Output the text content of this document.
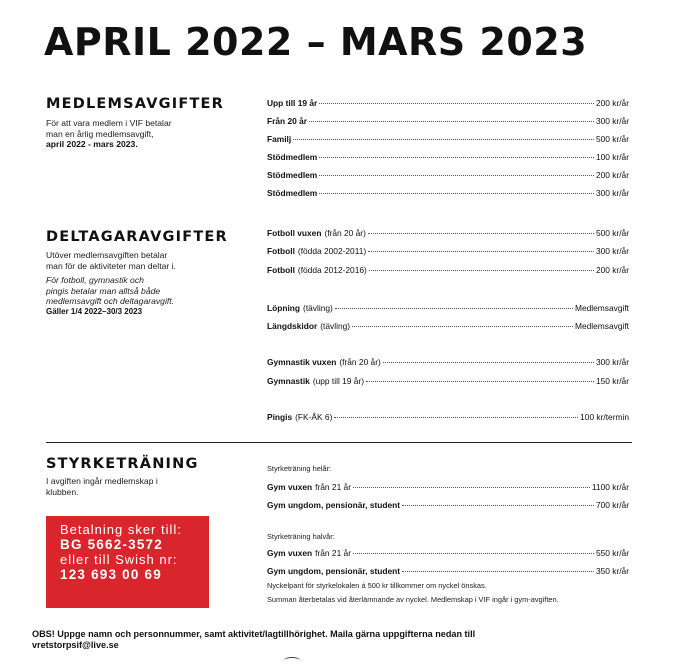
APRIL 2022 – MARS 2023
MEDLEMSAVGIFTER
För att vara medlem i VIF betalar
man en årlig medlemsavgift,
april 2022 - mars 2023.
Upp till 19 år	200 kr/år
Från 20 år	300 kr/år
Familj	500 kr/år
Stödmedlem	100 kr/år
Stödmedlem	200 kr/år
Stödmedlem	300 kr/år
DELTAGARAVGIFTER
Utöver medlemsavgiften betalar
man för de aktiviteter man deltar i.
För fotboll, gymnastik och
pingis betalar man alltså både
medlemsavgift och deltagaravgift.
Gäller 1/4 2022–30/3 2023
Fotboll vuxen (från 20 år)	500 kr/år
Fotboll (födda 2002-2011)	300 kr/år
Fotboll (födda 2012-2016)	200 kr/år
Löpning (tävling)	Medlemsavgift
Längdskidor (tävling)	Medlemsavgift
Gymnastik vuxen (från 20 år)	300 kr/år
Gymnastik (upp till 19 år)	150 kr/år
Pingis (FK-ÅK 6)	100 kr/termin
STYRKETRÄNING
I avgiften ingår medlemskap i
klubben.
Styrketräning helår:
Gym vuxen från 21 år	1100 kr/år
Gym ungdom, pensionär, student	700 kr/år
Styrketräning halvår:
Gym vuxen från 21 år	550 kr/år
Gym ungdom, pensionär, student	350 kr/år
Nyckelpant för styrkelokalen á 500 kr tillkommer om nyckel önskas.
Summan återbetalas vid återlämnande av nyckel. Medlemskap i VIF ingår i gym-avgiften.
Betalning sker till:
BG 5662-3572
eller till Swish nr:
123 693 00 69
OBS! Uppge namn och personnummer, samt aktivitet/lagtillhörighet. Maila gärna uppgifterna nedan till
vretstorpsif@live.se
